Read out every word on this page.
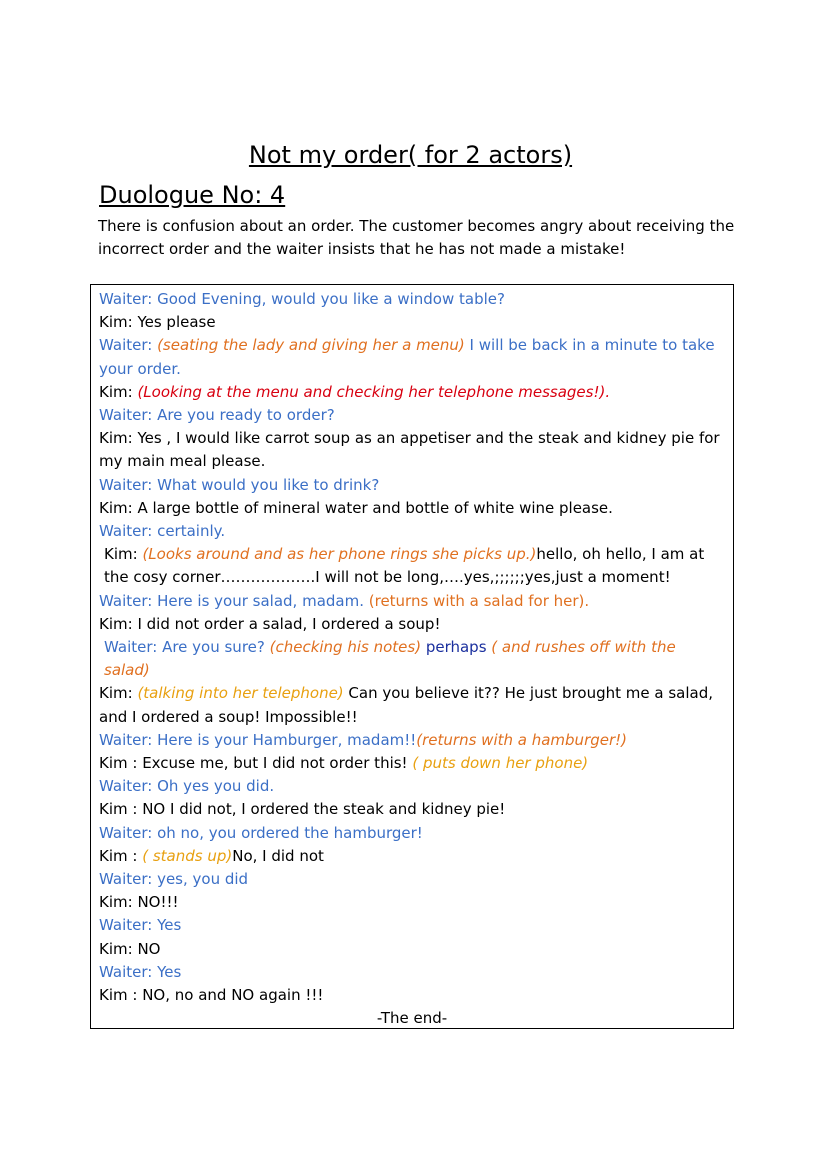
Not my order( for 2 actors)
Duologue No: 4

There is confusion about an order. The customer becomes angry about receiving the incorrect order and the waiter insists that he has not made a mistake!

Waiter: Good Evening, would you like a window table?

Kim: Yes please

Waiter: (seating the lady and giving her a menu) I will be back in a minute to take your order.

Kim: (Looking at the menu and checking her telephone messages!).

Waiter: Are you ready to order?

Kim: Yes , I would like carrot soup as an appetiser and the steak and kidney pie for my main meal please.

Waiter: What would you like to drink?

Kim: A large bottle of mineral water and bottle of white wine please.

Waiter: certainly.

Kim: (Looks around and as her phone rings she picks up.)hello, oh hello, I am at the cosy corner……………….I will not be long,….yes,;;;;;;yes,just a moment!

Waiter: Here is your salad, madam. (returns with a salad for her).

Kim: I did not order a salad, I ordered a soup!

Waiter: Are you sure? (checking his notes) perhaps ( and rushes off with the salad)

Kim: (talking into her telephone) Can you believe it?? He just brought me a salad, and I ordered a soup! Impossible!!

Waiter: Here is your Hamburger, madam!!(returns with a hamburger!)

Kim : Excuse me, but I did not order this! ( puts down her phone)

Waiter: Oh yes you did.

Kim : NO I did not, I ordered the steak and kidney pie!

Waiter: oh no, you ordered the hamburger!

Kim : ( stands up)No, I did not

Waiter: yes, you did

Kim: NO!!!

Waiter: Yes

Kim: NO

Waiter: Yes

Kim : NO, no and NO again !!!

-The end-
